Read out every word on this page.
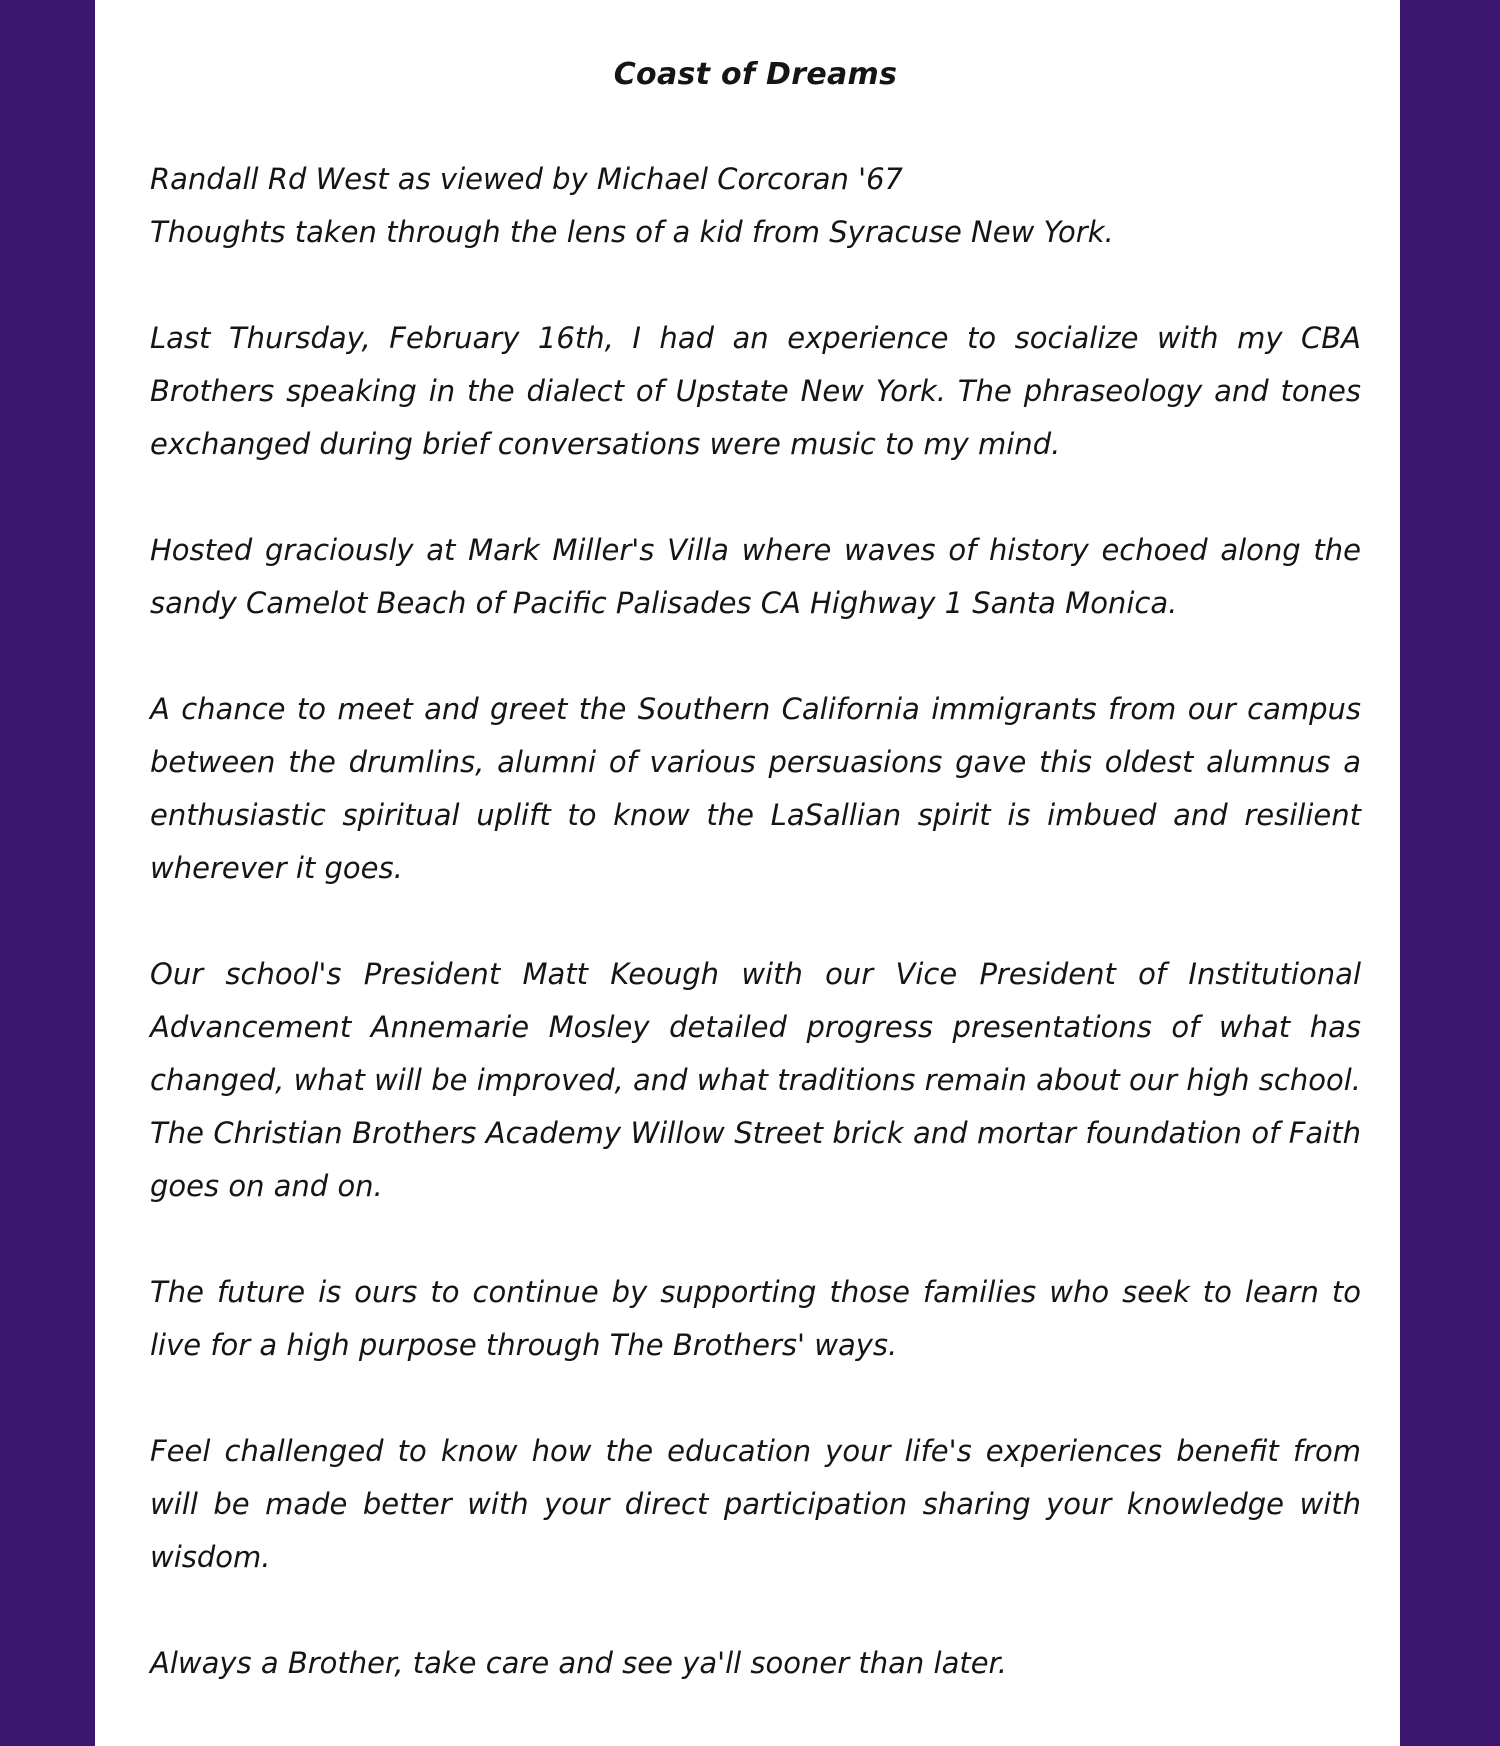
Coast of Dreams
Randall Rd West as viewed by Michael Corcoran '67
Thoughts taken through the lens of a kid from Syracuse New York.

Last Thursday, February 16th, I had an experience to socialize with my CBA Brothers speaking in the dialect of Upstate New York. The phraseology and tones exchanged during brief conversations were music to my mind.

Hosted graciously at Mark Miller's Villa where waves of history echoed along the sandy Camelot Beach of Pacific Palisades CA Highway 1 Santa Monica.

A chance to meet and greet the Southern California immigrants from our campus between the drumlins, alumni of various persuasions gave this oldest alumnus a enthusiastic spiritual uplift to know the LaSallian spirit is imbued and resilient wherever it goes.

Our school's President Matt Keough with our Vice President of Institutional Advancement Annemarie Mosley detailed progress presentations of what has changed, what will be improved, and what traditions remain about our high school. The Christian Brothers Academy Willow Street brick and mortar foundation of Faith goes on and on.

The future is ours to continue by supporting those families who seek to learn to live for a high purpose through The Brothers' ways.

Feel challenged to know how the education your life's experiences benefit from will be made better with your direct participation sharing your knowledge with wisdom.

Always a Brother, take care and see ya'll sooner than later.
